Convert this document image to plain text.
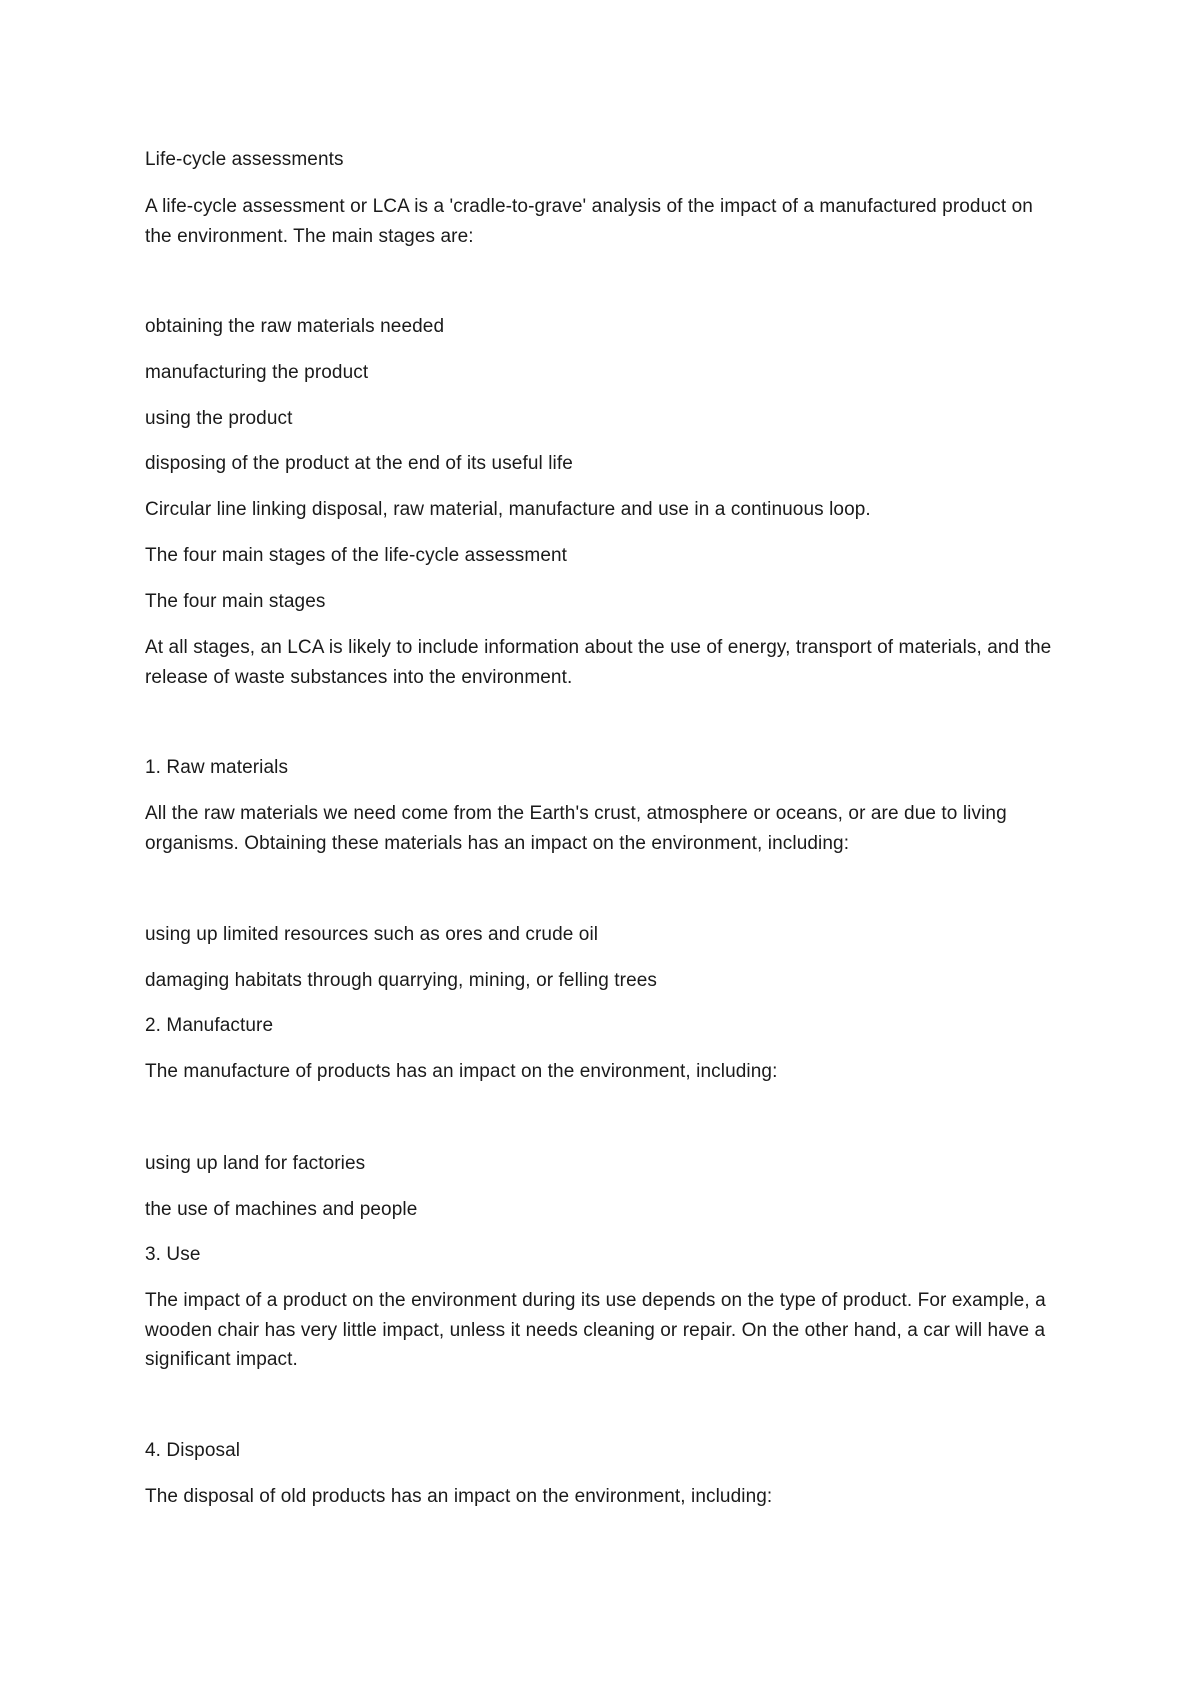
Life-cycle assessments
A life-cycle assessment or LCA is a 'cradle-to-grave' analysis of the impact of a manufactured product on the environment. The main stages are:
obtaining the raw materials needed
manufacturing the product
using the product
disposing of the product at the end of its useful life
Circular line linking disposal, raw material, manufacture and use in a continuous loop.
The four main stages of the life-cycle assessment
The four main stages
At all stages, an LCA is likely to include information about the use of energy, transport of materials, and the release of waste substances into the environment.
1. Raw materials
All the raw materials we need come from the Earth's crust, atmosphere or oceans, or are due to living organisms. Obtaining these materials has an impact on the environment, including:
using up limited resources such as ores and crude oil
damaging habitats through quarrying, mining, or felling trees
2. Manufacture
The manufacture of products has an impact on the environment, including:
using up land for factories
the use of machines and people
3. Use
The impact of a product on the environment during its use depends on the type of product. For example, a wooden chair has very little impact, unless it needs cleaning or repair. On the other hand, a car will have a significant impact.
4. Disposal
The disposal of old products has an impact on the environment, including:
